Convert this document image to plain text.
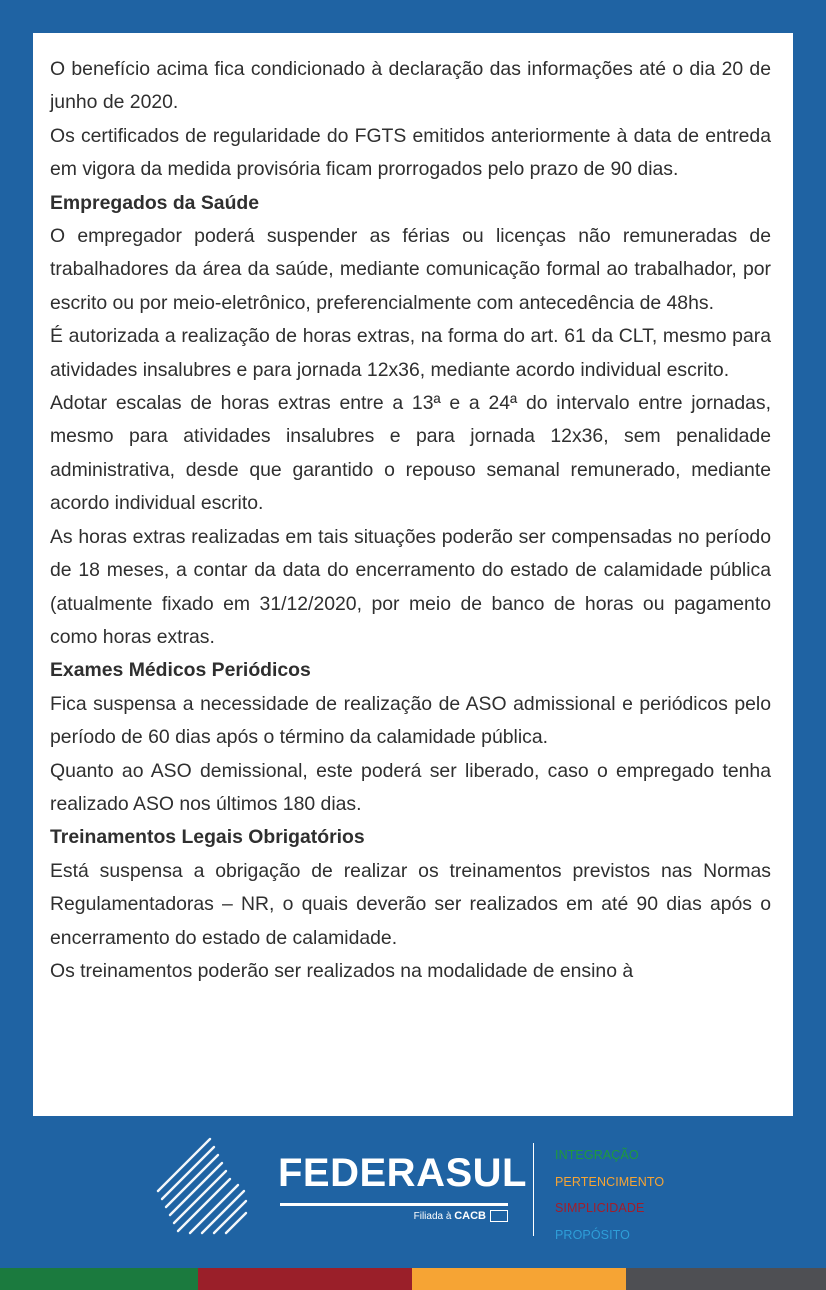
O benefício acima fica condicionado à declaração das informações até o dia 20 de junho de 2020.

Os certificados de regularidade do FGTS emitidos anteriormente à data de entreda em vigora da medida provisória ficam prorrogados pelo prazo de 90 dias.

Empregados da Saúde

O empregador poderá suspender as férias ou licenças não remuneradas de trabalhadores da área da saúde, mediante comunicação formal ao trabalhador, por escrito ou por meio-eletrônico, preferencialmente com antecedência de 48hs.

É autorizada a realização de horas extras, na forma do art. 61 da CLT, mesmo para atividades insalubres e para jornada 12x36, mediante acordo individual escrito.

Adotar escalas de horas extras entre a 13ª e a 24ª do intervalo entre jornadas, mesmo para atividades insalubres e para jornada 12x36, sem penalidade administrativa, desde que garantido o repouso semanal remunerado, mediante acordo individual escrito.

As horas extras realizadas em tais situações poderão ser compensadas no período de 18 meses, a contar da data do encerramento do estado de calamidade pública (atualmente fixado em 31/12/2020, por meio de banco de horas ou pagamento como horas extras.

Exames Médicos Periódicos

Fica suspensa a necessidade de realização de ASO admissional e periódicos pelo período de 60 dias após o término da calamidade pública.

Quanto ao ASO demissional, este poderá ser liberado, caso o empregado tenha realizado ASO nos últimos 180 dias.

Treinamentos Legais Obrigatórios

Está suspensa a obrigação de realizar os treinamentos previstos nas Normas Regulamentadoras – NR, o quais deverão ser realizados em até 90 dias após o encerramento do estado de calamidade.

Os treinamentos poderão ser realizados na modalidade de ensino à

FEDERASUL
Filiada à CACB
INTEGRAÇÃO
PERTENCIMENTO
SIMPLICIDADE
PROPÓSITO
